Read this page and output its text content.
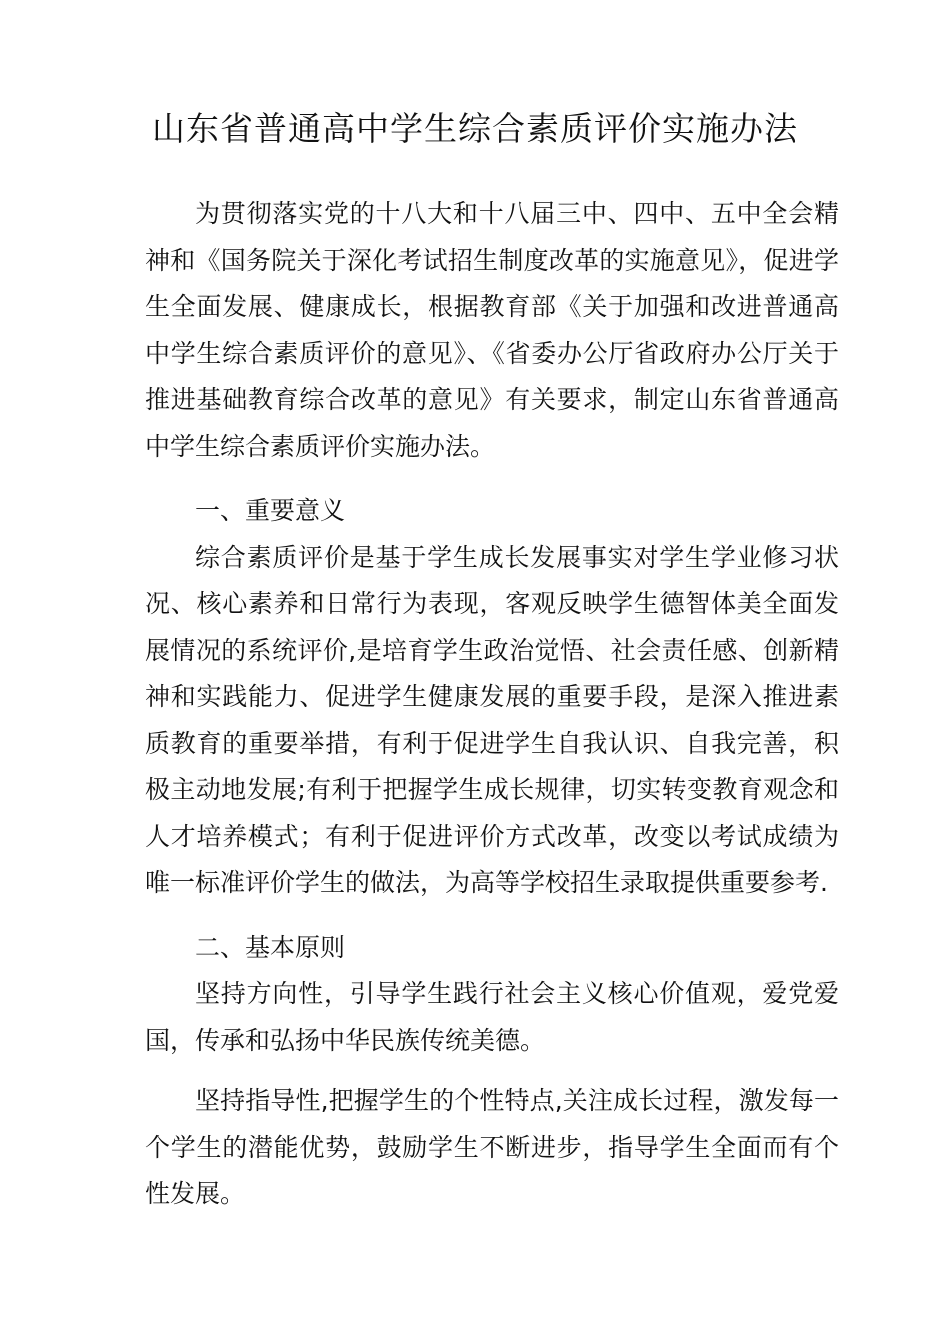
山东省普通高中学生综合素质评价实施办法

为贯彻落实党的十八大和十八届三中、四中、五中全会精神和《国务院关于深化考试招生制度改革的实施意见》，促进学生全面发展、健康成长，根据教育部《关于加强和改进普通高中学生综合素质评价的意见》、《省委办公厅省政府办公厅关于推进基础教育综合改革的意见》有关要求，制定山东省普通高中学生综合素质评价实施办法。

一、重要意义

综合素质评价是基于学生成长发展事实对学生学业修习状况、核心素养和日常行为表现，客观反映学生德智体美全面发展情况的系统评价,是培育学生政治觉悟、社会责任感、创新精神和实践能力、促进学生健康发展的重要手段，是深入推进素质教育的重要举措，有利于促进学生自我认识、自我完善，积极主动地发展;有利于把握学生成长规律，切实转变教育观念和人才培养模式；有利于促进评价方式改革，改变以考试成绩为唯一标准评价学生的做法，为高等学校招生录取提供重要参考.

二、基本原则

坚持方向性，引导学生践行社会主义核心价值观，爱党爱国，传承和弘扬中华民族传统美德。

坚持指导性,把握学生的个性特点,关注成长过程，激发每一个学生的潜能优势，鼓励学生不断进步，指导学生全面而有个性发展。
